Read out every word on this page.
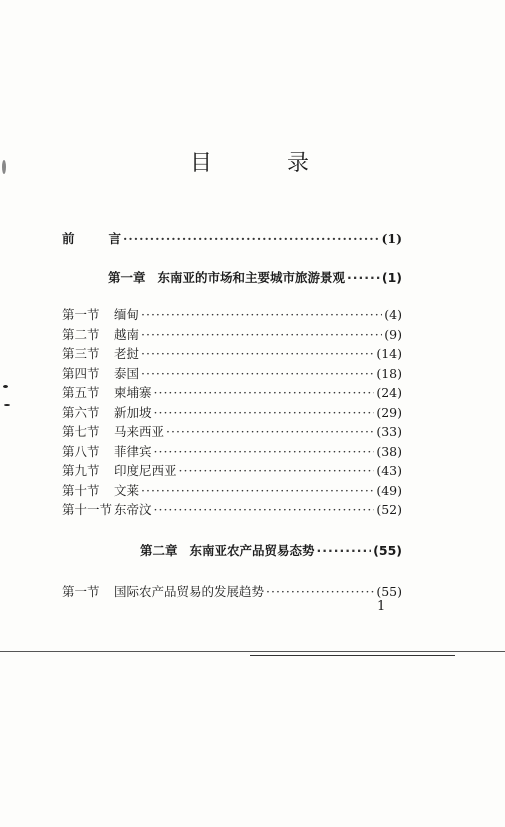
目 录
前	言 ·····	(1)
第一章 东南亚的市场和主要城市旅游景观 ·····	(1)
第一节	缅甸 ·····	(4)
第二节	越南 ·····	(9)
第三节	老挝 ·····	(14)
第四节	泰国 ·····	(18)
第五节	柬埔寨 ·····	(24)
第六节	新加坡 ·····	(29)
第七节	马来西亚 ·····	(33)
第八节	菲律宾 ·····	(38)
第九节	印度尼西亚 ·····	(43)
第十节	文莱 ·····	(49)
第十一节 东帝汶 ·····	(52)
第二章 东南亚农产品贸易态势 ·····	(55)
第一节	国际农产品贸易的发展趋势 ·····	(55)
1
